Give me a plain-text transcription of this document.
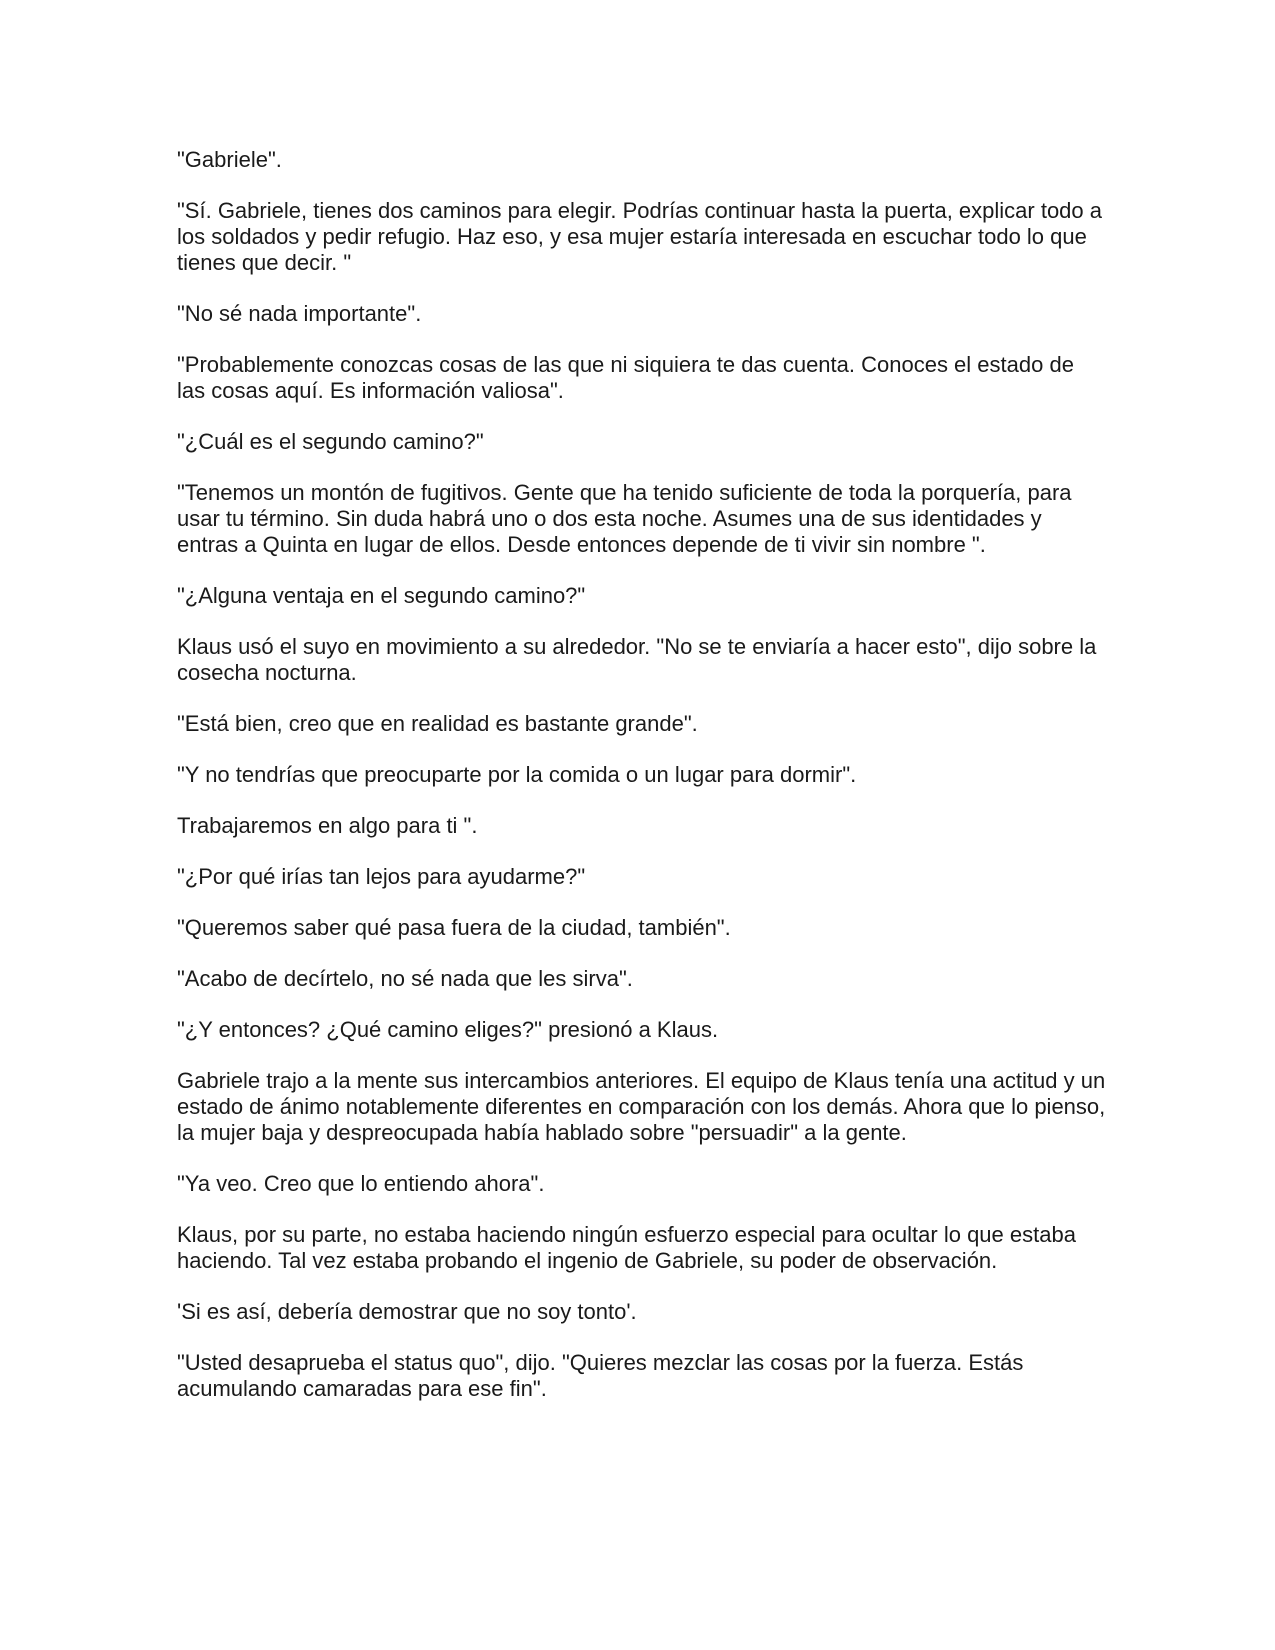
"Gabriele".

"Sí. Gabriele, tienes dos caminos para elegir. Podrías continuar hasta la puerta, explicar todo a los soldados y pedir refugio. Haz eso, y esa mujer estaría interesada en escuchar todo lo que tienes que decir. "

"No sé nada importante".

"Probablemente conozcas cosas de las que ni siquiera te das cuenta. Conoces el estado de las cosas aquí. Es información valiosa".

"¿Cuál es el segundo camino?"

"Tenemos un montón de fugitivos. Gente que ha tenido suficiente de toda la porquería, para usar tu término. Sin duda habrá uno o dos esta noche. Asumes una de sus identidades y entras a Quinta en lugar de ellos. Desde entonces depende de ti vivir sin nombre ".

"¿Alguna ventaja en el segundo camino?"

Klaus usó el suyo en movimiento a su alrededor. "No se te enviaría a hacer esto", dijo sobre la cosecha nocturna.

"Está bien, creo que en realidad es bastante grande".

"Y no tendrías que preocuparte por la comida o un lugar para dormir".

Trabajaremos en algo para ti ".

"¿Por qué irías tan lejos para ayudarme?"

"Queremos saber qué pasa fuera de la ciudad, también".

"Acabo de decírtelo, no sé nada que les sirva".

"¿Y entonces? ¿Qué camino eliges?" presionó a Klaus.

Gabriele trajo a la mente sus intercambios anteriores. El equipo de Klaus tenía una actitud y un estado de ánimo notablemente diferentes en comparación con los demás. Ahora que lo pienso, la mujer baja y despreocupada había hablado sobre "persuadir" a la gente.

"Ya veo. Creo que lo entiendo ahora".

Klaus, por su parte, no estaba haciendo ningún esfuerzo especial para ocultar lo que estaba haciendo. Tal vez estaba probando el ingenio de Gabriele, su poder de observación.

'Si es así, debería demostrar que no soy tonto'.

"Usted desaprueba el status quo", dijo. "Quieres mezclar las cosas por la fuerza. Estás acumulando camaradas para ese fin".
